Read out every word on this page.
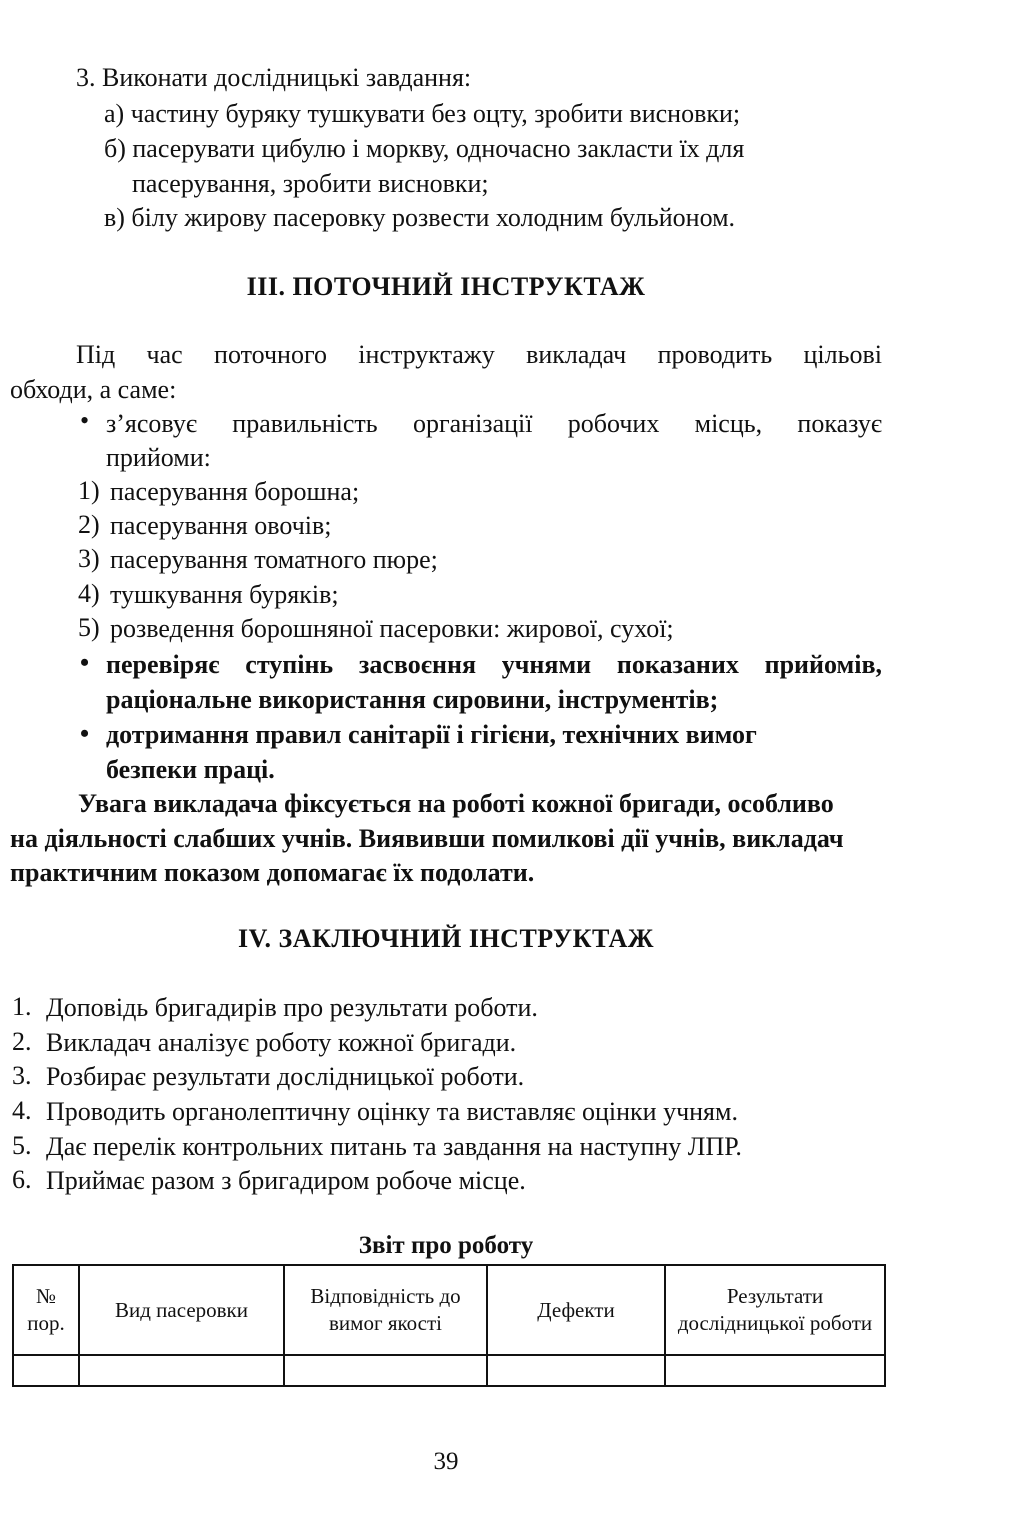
3. Виконати дослідницькі завдання:
а) частину буряку тушкувати без оцту, зробити висновки;
б) пасерувати цибулю і моркву, одночасно закласти їх для
пасерування, зробити висновки;
в) білу жирову пасеровку розвести холодним бульйоном.
ІІІ. ПОТОЧНИЙ ІНСТРУКТАЖ
Під час поточного інструктажу викладач проводить цільові
обходи, а саме:
• з’ясовує правильність організації робочих місць, показує
прийоми:
1) пасерування борошна;
2) пасерування овочів;
3) пасерування томатного пюре;
4) тушкування буряків;
5) розведення борошняної пасеровки: жирової, сухої;
• перевіряє ступінь засвоєння учнями показаних прийомів,
раціональне використання сировини, інструментів;
• дотримання правил санітарії і гігієни, технічних вимог
безпеки праці.
Увага викладача фіксується на роботі кожної бригади, особливо
на діяльності слабших учнів. Виявивши помилкові дії учнів, викладач
практичним показом допомагає їх подолати.
IV. ЗАКЛЮЧНИЙ ІНСТРУКТАЖ
1. Доповідь бригадирів про результати роботи.
2. Викладач аналізує роботу кожної бригади.
3. Розбирає результати дослідницької роботи.
4. Проводить органолептичну оцінку та виставляє оцінки учням.
5. Дає перелік контрольних питань та завдання на наступну ЛПР.
6. Приймає разом з бригадиром робоче місце.
Звіт про роботу
№ пор.	Вид пасеровки	Відповідність до вимог якості	Дефекти	Результати дослідницької роботи

39
